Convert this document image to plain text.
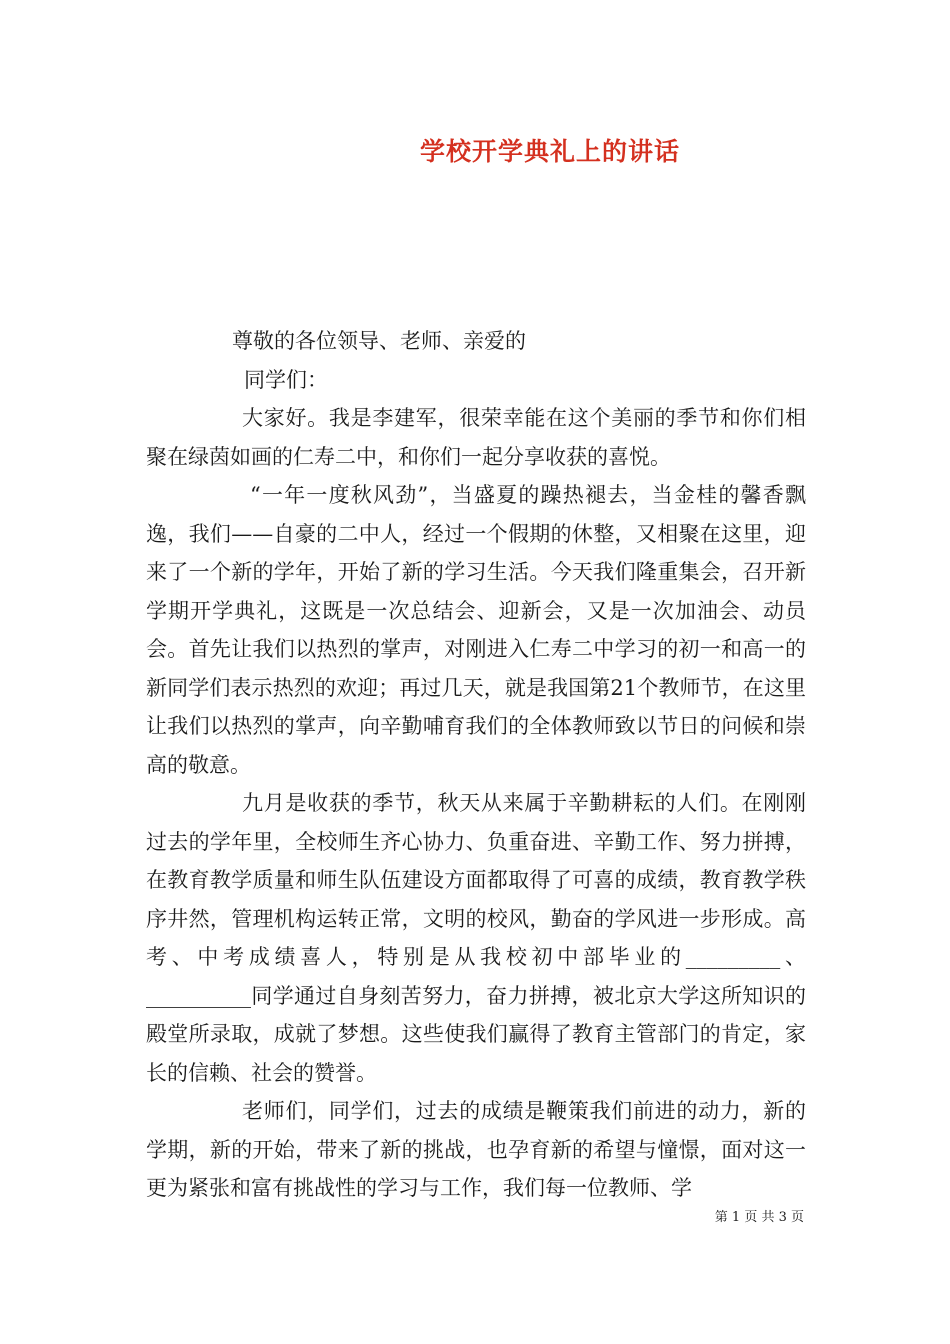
学校开学典礼上的讲话

尊敬的各位领导、老师、亲爱的

同学们：

大家好。我是李建军，很荣幸能在这个美丽的季节和你们相聚在绿茵如画的仁寿二中，和你们一起分享收获的喜悦。

“一年一度秋风劲”，当盛夏的躁热褪去，当金桂的馨香飘逸，我们——自豪的二中人，经过一个假期的休整，又相聚在这里，迎来了一个新的学年，开始了新的学习生活。今天我们隆重集会，召开新学期开学典礼，这既是一次总结会、迎新会，又是一次加油会、动员会。首先让我们以热烈的掌声，对刚进入仁寿二中学习的初一和高一的新同学们表示热烈的欢迎；再过几天，就是我国第21个教师节，在这里让我们以热烈的掌声，向辛勤哺育我们的全体教师致以节日的问候和崇高的敬意。

九月是收获的季节，秋天从来属于辛勤耕耘的人们。在刚刚过去的学年里，全校师生齐心协力、负重奋进、辛勤工作、努力拼搏，在教育教学质量和师生队伍建设方面都取得了可喜的成绩，教育教学秩序井然，管理机构运转正常，文明的校风，勤奋的学风进一步形成。高考、中考成绩喜人，特别是从我校初中部毕业的_________、__________同学通过自身刻苦努力，奋力拼搏，被北京大学这所知识的殿堂所录取，成就了梦想。这些使我们赢得了教育主管部门的肯定，家长的信赖、社会的赞誉。

老师们，同学们，过去的成绩是鞭策我们前进的动力，新的学期，新的开始，带来了新的挑战，也孕育新的希望与憧憬，面对这一更为紧张和富有挑战性的学习与工作，我们每一位教师、学

第 1 页 共 3 页
